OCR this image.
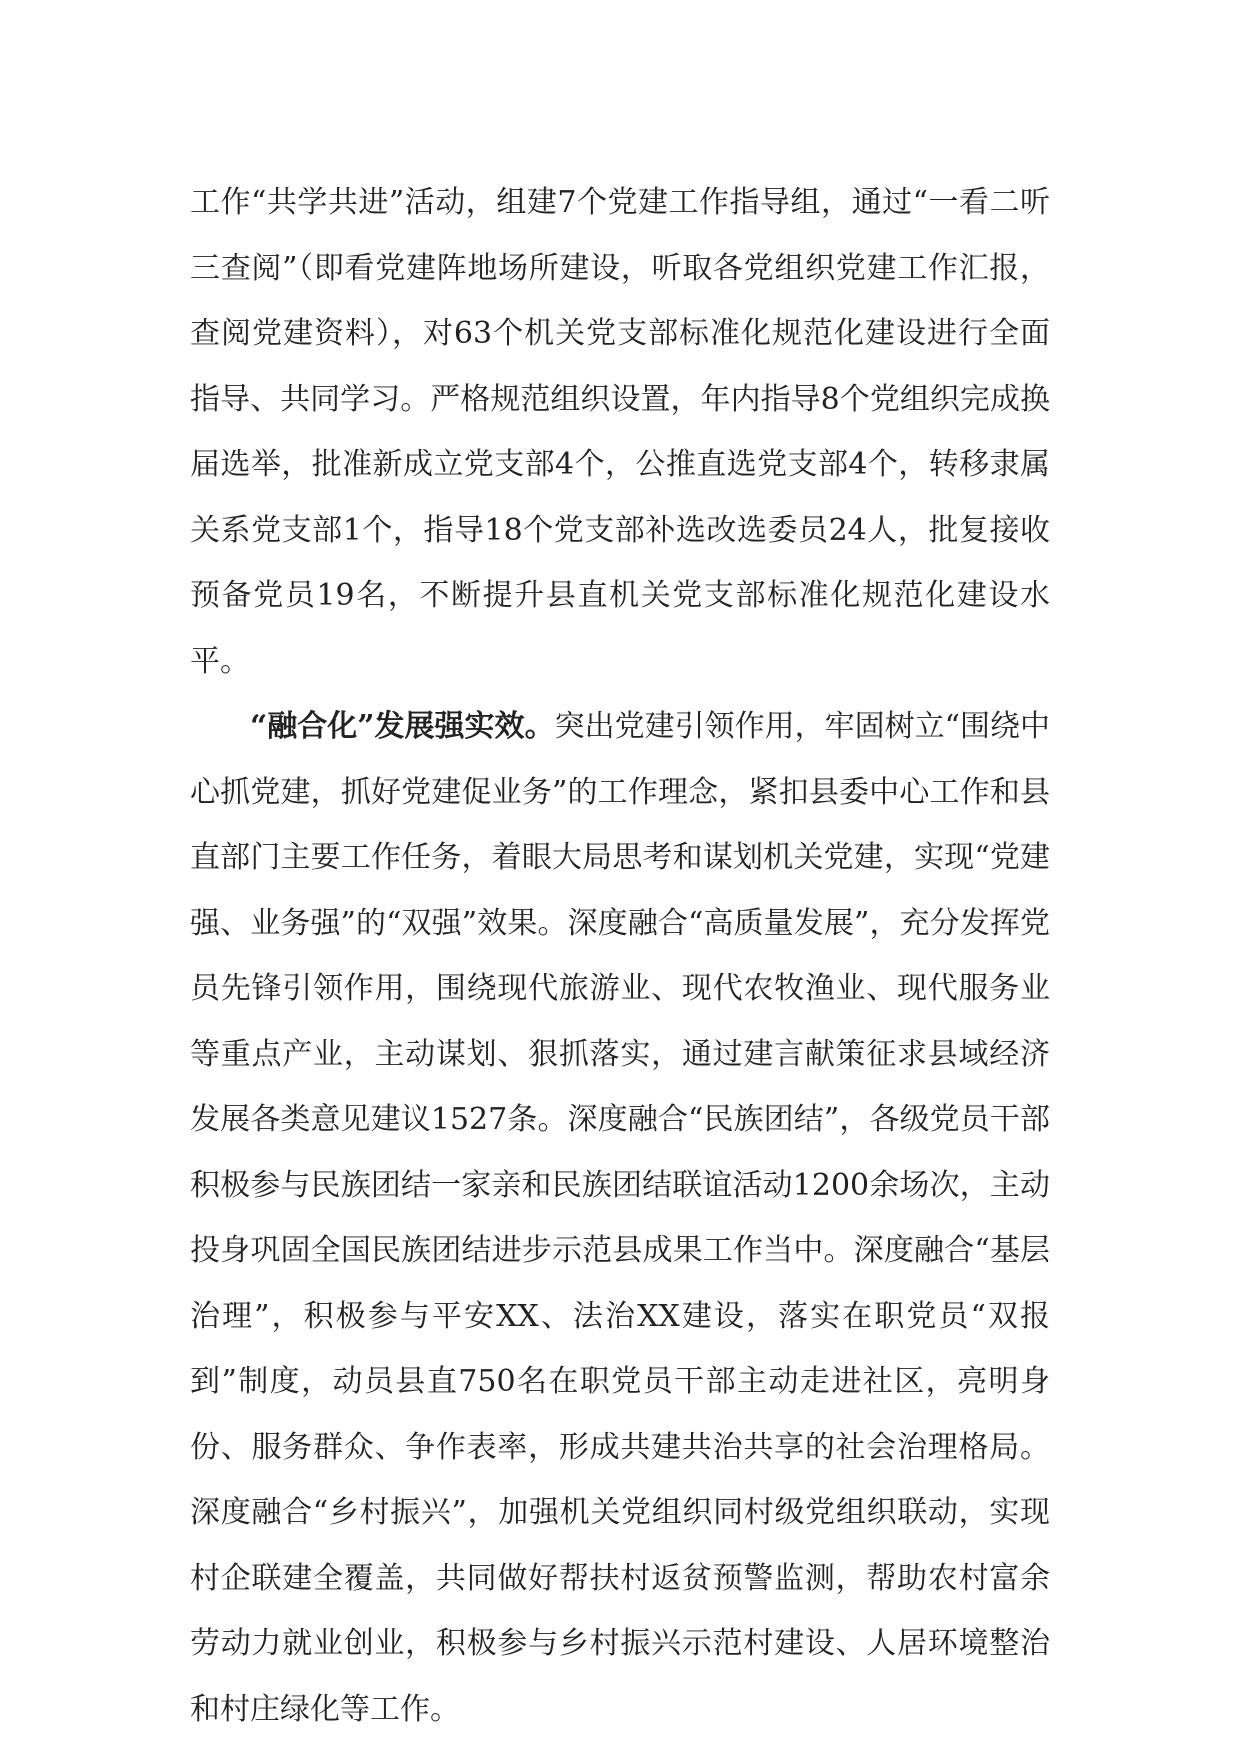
工作“共学共进”活动，组建7个党建工作指导组，通过“一看二听三查阅”（即看党建阵地场所建设，听取各党组织党建工作汇报，查阅党建资料），对63个机关党支部标准化规范化建设进行全面指导、共同学习。严格规范组织设置，年内指导8个党组织完成换届选举，批准新成立党支部4个，公推直选党支部4个，转移隶属关系党支部1个，指导18个党支部补选改选委员24人，批复接收预备党员19名，不断提升县直机关党支部标准化规范化建设水平。

“融合化”发展强实效。突出党建引领作用，牢固树立“围绕中心抓党建，抓好党建促业务”的工作理念，紧扣县委中心工作和县直部门主要工作任务，着眼大局思考和谋划机关党建，实现“党建强、业务强”的“双强”效果。深度融合“高质量发展”，充分发挥党员先锋引领作用，围绕现代旅游业、现代农牧渔业、现代服务业等重点产业，主动谋划、狠抓落实，通过建言献策征求县域经济发展各类意见建议1527条。深度融合“民族团结”，各级党员干部积极参与民族团结一家亲和民族团结联谊活动1200余场次，主动投身巩固全国民族团结进步示范县成果工作当中。深度融合“基层治理”，积极参与平安XX、法治XX建设，落实在职党员“双报到”制度，动员县直750名在职党员干部主动走进社区，亮明身份、服务群众、争作表率，形成共建共治共享的社会治理格局。深度融合“乡村振兴”，加强机关党组织同村级党组织联动，实现村企联建全覆盖，共同做好帮扶村返贫预警监测，帮助农村富余劳动力就业创业，积极参与乡村振兴示范村建设、人居环境整治和村庄绿化等工作。
